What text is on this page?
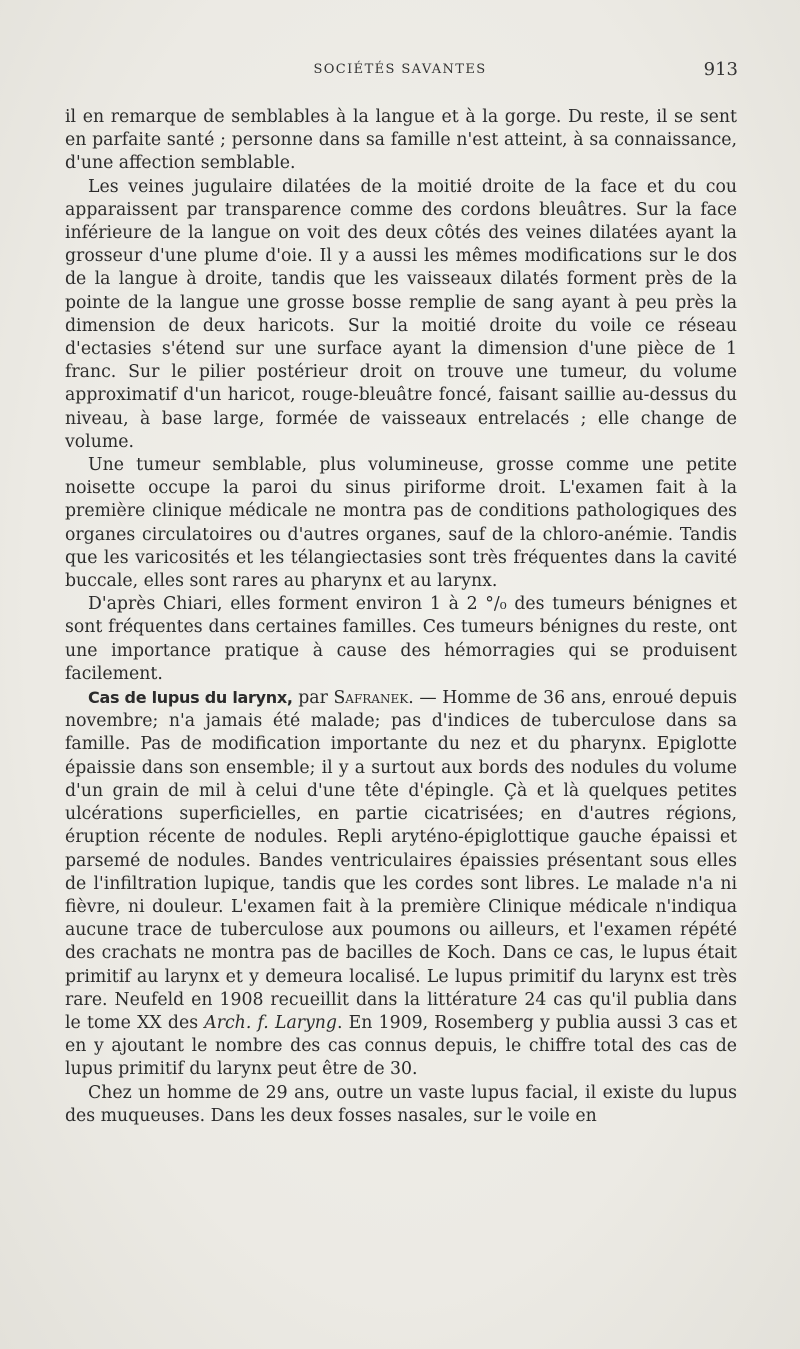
SOCIÉTÉS SAVANTES	913

il en remarque de semblables à la langue et à la gorge. Du reste, il se sent en parfaite santé ; personne dans sa famille n'est atteint, à sa connaissance, d'une affection semblable.

Les veines jugulaire dilatées de la moitié droite de la face et du cou apparaissent par transparence comme des cordons bleuâtres. Sur la face inférieure de la langue on voit des deux côtés des veines dilatées ayant la grosseur d'une plume d'oie. Il y a aussi les mêmes modifications sur le dos de la langue à droite, tandis que les vaisseaux dilatés forment près de la pointe de la langue une grosse bosse remplie de sang ayant à peu près la dimension de deux haricots. Sur la moitié droite du voile ce réseau d'ectasies s'étend sur une surface ayant la dimension d'une pièce de 1 franc. Sur le pilier postérieur droit on trouve une tumeur, du volume approximatif d'un haricot, rouge-bleuâtre foncé, faisant saillie au-dessus du niveau, à base large, formée de vaisseaux entrelacés ; elle change de volume.

Une tumeur semblable, plus volumineuse, grosse comme une petite noisette occupe la paroi du sinus piriforme droit. L'examen fait à la première clinique médicale ne montra pas de conditions pathologiques des organes circulatoires ou d'autres organes, sauf de la chloro-anémie. Tandis que les varicosités et les télangiectasies sont très fréquentes dans la cavité buccale, elles sont rares au pharynx et au larynx.

D'après Chiari, elles forment environ 1 à 2 °/₀ des tumeurs bénignes et sont fréquentes dans certaines familles. Ces tumeurs bénignes du reste, ont une importance pratique à cause des hémorragies qui se produisent facilement.

Cas de lupus du larynx, par Safranek. — Homme de 36 ans, enroué depuis novembre; n'a jamais été malade; pas d'indices de tuberculose dans sa famille. Pas de modification importante du nez et du pharynx. Epiglotte épaissie dans son ensemble; il y a surtout aux bords des nodules du volume d'un grain de mil à celui d'une tête d'épingle. Çà et là quelques petites ulcérations superficielles, en partie cicatrisées; en d'autres régions, éruption récente de nodules. Repli aryténo-épiglottique gauche épaissi et parsemé de nodules. Bandes ventriculaires épaissies présentant sous elles de l'infiltration lupique, tandis que les cordes sont libres. Le malade n'a ni fièvre, ni douleur. L'examen fait à la première Clinique médicale n'indiqua aucune trace de tuberculose aux poumons ou ailleurs, et l'examen répété des crachats ne montra pas de bacilles de Koch. Dans ce cas, le lupus était primitif au larynx et y demeura localisé. Le lupus primitif du larynx est très rare. Neufeld en 1908 recueillit dans la littérature 24 cas qu'il publia dans le tome XX des Arch. f. Laryng. En 1909, Rosemberg y publia aussi 3 cas et en y ajoutant le nombre des cas connus depuis, le chiffre total des cas de lupus primitif du larynx peut être de 30.

Chez un homme de 29 ans, outre un vaste lupus facial, il existe du lupus des muqueuses. Dans les deux fosses nasales, sur le voile en
